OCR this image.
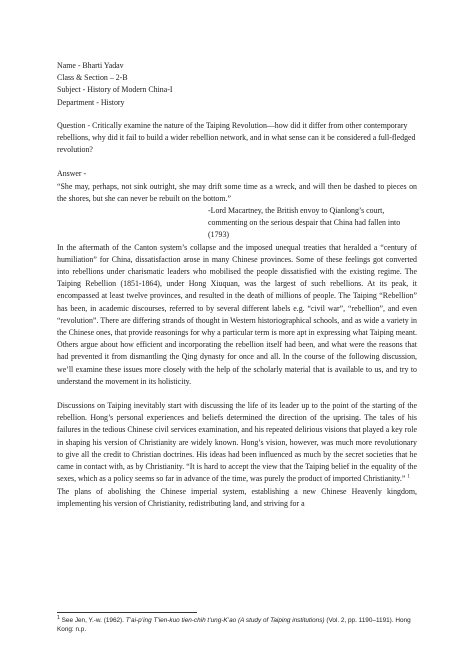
Name - Bharti Yadav

Class & Section – 2-B

Subject - History of Modern China-I

Department - History

Question - Critically examine the nature of the Taiping Revolution—how did it differ from other contemporary rebellions, why did it fail to build a wider rebellion network, and in what sense can it be considered a full-fledged revolution?

Answer -

“She may, perhaps, not sink outright, she may drift some time as a wreck, and will then be dashed to pieces on the shores, but she can never be rebuilt on the bottom.”

-Lord Macartney, the British envoy to Qianlong’s court, commenting on the serious despair that China had fallen into (1793)

In the aftermath of the Canton system’s collapse and the imposed unequal treaties that heralded a “century of humiliation” for China, dissatisfaction arose in many Chinese provinces. Some of these feelings got converted into rebellions under charismatic leaders who mobilised the people dissatisfied with the existing regime. The Taiping Rebellion (1851-1864), under Hong Xiuquan, was the largest of such rebellions. At its peak, it encompassed at least twelve provinces, and resulted in the death of millions of people. The Taiping “Rebellion” has been, in academic discourses, referred to by several different labels e.g. “civil war”, “rebellion”, and even “revolution”. There are differing strands of thought in Western historiographical schools, and as wide a variety in the Chinese ones, that provide reasonings for why a particular term is more apt in expressing what Taiping meant. Others argue about how efficient and incorporating the rebellion itself had been, and what were the reasons that had prevented it from dismantling the Qing dynasty for once and all. In the course of the following discussion, we’ll examine these issues more closely with the help of the scholarly material that is available to us, and try to understand the movement in its holisticity.

Discussions on Taiping inevitably start with discussing the life of its leader up to the point of the starting of the rebellion. Hong’s personal experiences and beliefs determined the direction of the uprising. The tales of his failures in the tedious Chinese civil services examination, and his repeated delirious visions that played a key role in shaping his version of Christianity are widely known. Hong’s vision, however, was much more revolutionary to give all the credit to Christian doctrines. His ideas had been influenced as much by the secret societies that he came in contact with, as by Christianity. “It is hard to accept the view that the Taiping belief in the equality of the sexes, which as a policy seems so far in advance of the time, was purely the product of imported Christianity.” $^1$

The plans of abolishing the Chinese imperial system, establishing a new Chinese Heavenly kingdom, implementing his version of Christianity, redistributing land, and striving for a

$^1$ See Jen, Y.-w. (1962). T’ai-p’ing T’ien-kuo tien-chih t’ung-K’ao (A study of Taiping institutions) (Vol. 2, pp. 1190–1191). Hong Kong: n.p.
